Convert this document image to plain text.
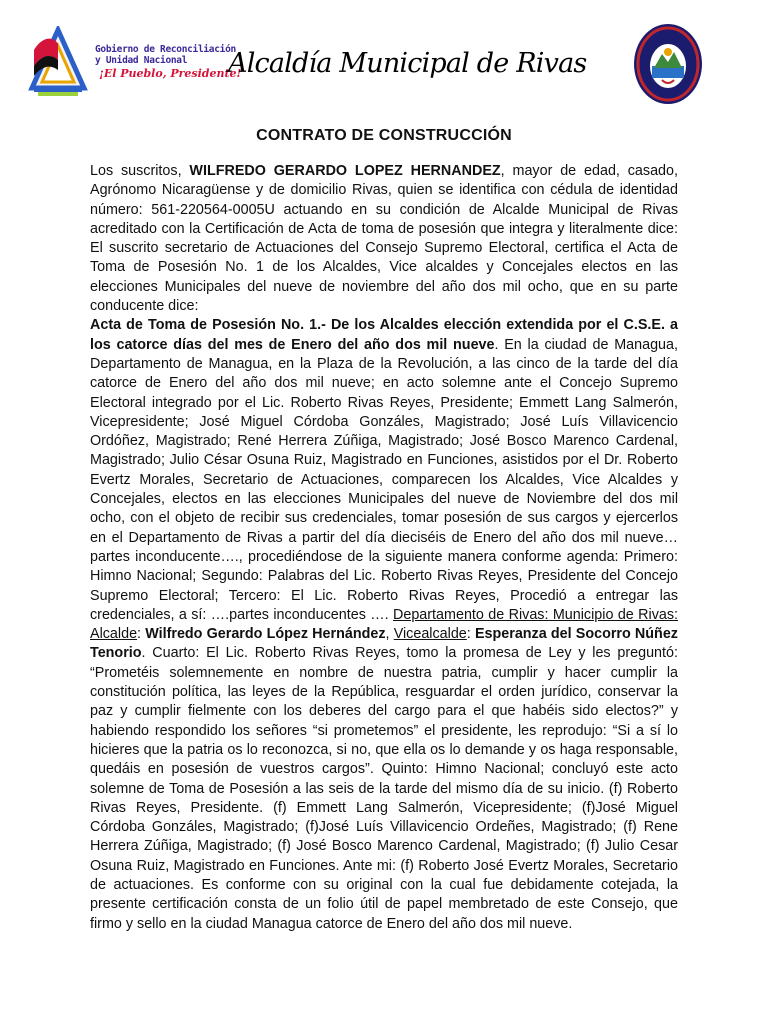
Gobierno de Reconciliación
y Unidad Nacional
¡El Pueblo, Presidente!
Alcaldía Municipal de Rivas
CONTRATO DE CONSTRUCCIÓN

Los suscritos, WILFREDO GERARDO LOPEZ HERNANDEZ, mayor de edad, casado, Agrónomo Nicaragüense y de domicilio Rivas, quien se identifica con cédula de identidad número: 561-220564-0005U actuando en su condición de Alcalde Municipal de Rivas acreditado con la Certificación de Acta de toma de posesión que integra y literalmente dice: El suscrito secretario de Actuaciones del Consejo Supremo Electoral, certifica el Acta de Toma de Posesión No. 1 de los Alcaldes, Vice alcaldes y Concejales electos en las elecciones Municipales del nueve de noviembre del año dos mil ocho, que en su parte conducente dice:

Acta de Toma de Posesión No. 1.- De los Alcaldes elección extendida por el C.S.E. a los catorce días del mes de Enero del año dos mil nueve. En la ciudad de Managua, Departamento de Managua, en la Plaza de la Revolución, a las cinco de la tarde del día catorce de Enero del año dos mil nueve; en acto solemne ante el Concejo Supremo Electoral integrado por el Lic. Roberto Rivas Reyes, Presidente; Emmett Lang Salmerón, Vicepresidente; José Miguel Córdoba Gonzáles, Magistrado; José Luís Villavicencio Ordóñez, Magistrado; René Herrera Zúñiga, Magistrado; José Bosco Marenco Cardenal, Magistrado; Julio César Osuna Ruiz, Magistrado en Funciones, asistidos por el Dr. Roberto Evertz Morales, Secretario de Actuaciones, comparecen los Alcaldes, Vice Alcaldes y Concejales, electos en las elecciones Municipales del nueve de Noviembre del dos mil ocho, con el objeto de recibir sus credenciales, tomar posesión de sus cargos y ejercerlos en el Departamento de Rivas a partir del día dieciséis de Enero del año dos mil nueve… partes inconducente…., procediéndose de la siguiente manera conforme agenda: Primero: Himno Nacional; Segundo: Palabras del Lic. Roberto Rivas Reyes, Presidente del Concejo Supremo Electoral; Tercero: El Lic. Roberto Rivas Reyes, Procedió a entregar las credenciales, a sí: ….partes inconducentes …. Departamento de Rivas: Municipio de Rivas: Alcalde: Wilfredo Gerardo López Hernández, Vicealcalde: Esperanza del Socorro Núñez Tenorio. Cuarto: El Lic. Roberto Rivas Reyes, tomo la promesa de Ley y les preguntó: “Prometéis solemnemente en nombre de nuestra patria, cumplir y hacer cumplir la constitución política, las leyes de la República, resguardar el orden jurídico, conservar la paz y cumplir fielmente con los deberes del cargo para el que habéis sido electos?” y habiendo respondido los señores “si prometemos” el presidente, les reprodujo: “Si a sí lo hicieres que la patria os lo reconozca, si no, que ella os lo demande y os haga responsable, quedáis en posesión de vuestros cargos”. Quinto: Himno Nacional; concluyó este acto solemne de Toma de Posesión a las seis de la tarde del mismo día de su inicio. (f) Roberto Rivas Reyes, Presidente. (f) Emmett Lang Salmerón, Vicepresidente; (f)José Miguel Córdoba Gonzáles, Magistrado; (f)José Luís Villavicencio Ordeñes, Magistrado; (f) Rene Herrera Zúñiga, Magistrado; (f) José Bosco Marenco Cardenal, Magistrado; (f) Julio Cesar Osuna Ruiz, Magistrado en Funciones. Ante mi: (f) Roberto José Evertz Morales, Secretario de actuaciones. Es conforme con su original con la cual fue debidamente cotejada, la presente certificación consta de un folio útil de papel membretado de este Consejo, que firmo y sello en la ciudad Managua catorce de Enero del año dos mil nueve.
